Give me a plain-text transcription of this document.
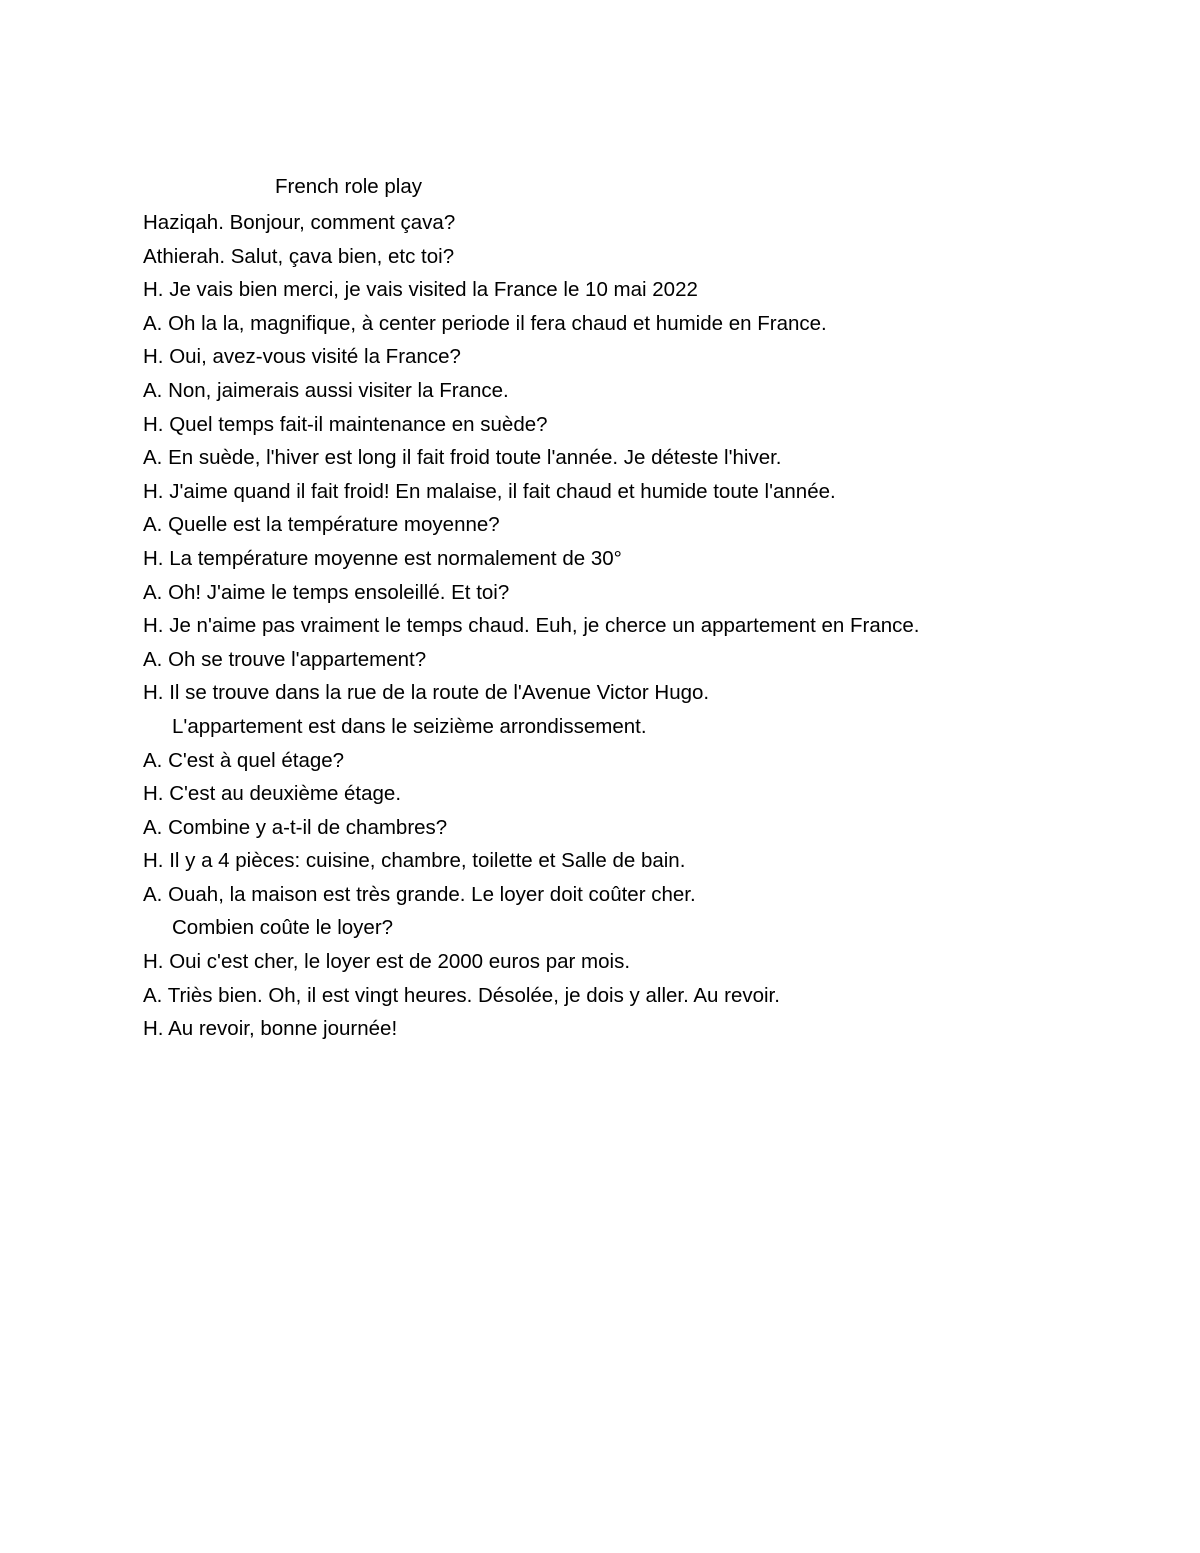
French role play
Haziqah. Bonjour, comment çava?
Athierah. Salut, çava bien, etc toi?
H. Je vais bien merci, je vais visited la France le 10 mai 2022
A. Oh la la, magnifique, à center periode il fera chaud et humide en France.
H. Oui, avez-vous visité la France?
A. Non, jaimerais aussi visiter la France.
H. Quel temps fait-il maintenance en suède?
A. En suède, l'hiver est long il fait froid toute l'année. Je déteste l'hiver.
H. J'aime quand il fait froid! En malaise, il fait chaud et humide toute l'année.
A. Quelle est la température moyenne?
H. La température moyenne est normalement de 30°
A. Oh! J'aime le temps ensoleillé. Et toi?
H. Je n'aime pas vraiment le temps chaud. Euh, je cherce un appartement en France.
A. Oh se trouve l'appartement?
H. Il se trouve dans la rue de la route de l'Avenue Victor Hugo.
L'appartement est dans le seizième arrondissement.
A. C'est à quel étage?
H. C'est au deuxième étage.
A. Combine y a-t-il de chambres?
H. Il y a 4 pièces: cuisine, chambre, toilette et Salle de bain.
A. Ouah, la maison est très grande. Le loyer doit coûter cher.
Combien coûte le loyer?
H. Oui c'est cher, le loyer est de 2000 euros par mois.
A. Triès bien. Oh, il est vingt heures. Désolée, je dois y aller. Au revoir.
H. Au revoir, bonne journée!
